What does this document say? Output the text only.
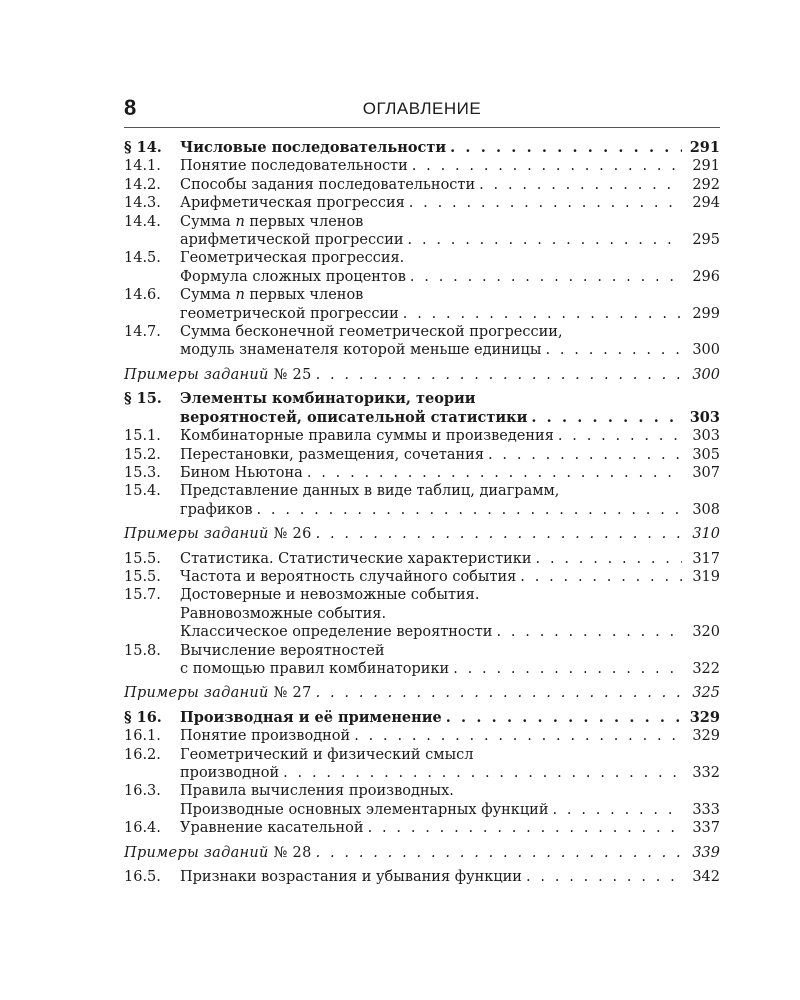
8	ОГЛАВЛЕНИЕ
§ 14.	Числовые последовательности . . .	291
14.1.	Понятие последовательности . . .	291
14.2.	Способы задания последовательности . . .	292
14.3.	Арифметическая прогрессия . . .	294
14.4.	Сумма n первых членов
арифметической прогрессии . . .	295
14.5.	Геометрическая прогрессия.
Формула сложных процентов . . .	296
14.6.	Сумма n первых членов
геометрической прогрессии . . .	299
14.7.	Сумма бесконечной геометрической прогрессии,
модуль знаменателя которой меньше единицы . . .	300
Примеры заданий № 25 . . .	300
§ 15.	Элементы комбинаторики, теории
вероятностей, описательной статистики . . .	303
15.1.	Комбинаторные правила суммы и произведения . . .	303
15.2.	Перестановки, размещения, сочетания . . .	305
15.3.	Бином Ньютона . . .	307
15.4.	Представление данных в виде таблиц, диаграмм,
графиков . . .	308
Примеры заданий № 26 . . .	310
15.5.	Статистика. Статистические характеристики . . .	317
15.5.	Частота и вероятность случайного события . . .	319
15.7.	Достоверные и невозможные события.
Равновозможные события.
Классическое определение вероятности . . .	320
15.8.	Вычисление вероятностей
с помощью правил комбинаторики . . .	322
Примеры заданий № 27 . . .	325
§ 16.	Производная и её применение . . .	329
16.1.	Понятие производной . . .	329
16.2.	Геометрический и физический смысл
производной . . .	332
16.3.	Правила вычисления производных.
Производные основных элементарных функций . . .	333
16.4.	Уравнение касательной . . .	337
Примеры заданий № 28 . . .	339
16.5.	Признаки возрастания и убывания функции . . .	342
